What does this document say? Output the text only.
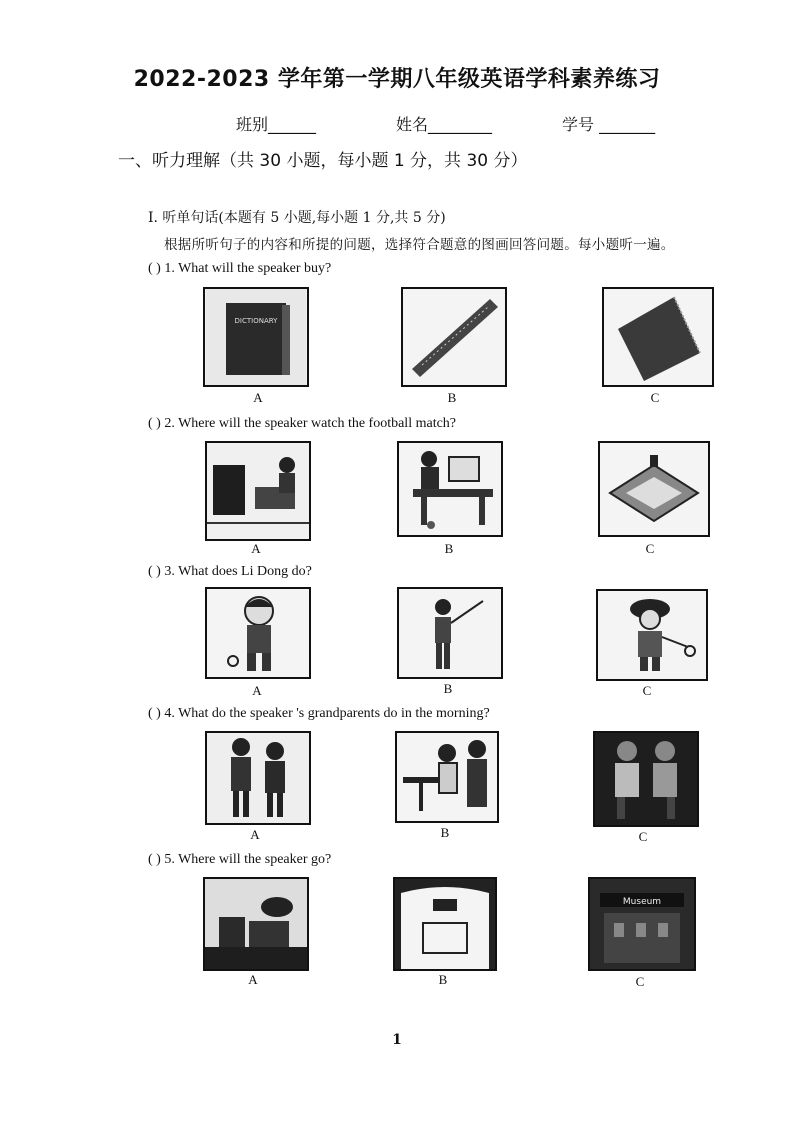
2022-2023 学年第一学期八年级英语学科素养练习
班别______	姓名________	学号 _______
一、听力理解（共 30 小题，每小题 1 分，共 30 分）
I. 听单句话(本题有 5 小题,每小题 1 分,共 5 分)
根据所听句子的内容和所提的问题，选择符合题意的图画回答问题。每小题听一遍。
( ) 1. What will the speaker buy?
DICTIONARY
A	B	C
( ) 2. Where will the speaker watch the football match?
A	B	C
( ) 3. What does Li Dong do?
A	B	C
( ) 4. What do the speaker 's grandparents do in the morning?
A	B	C
( ) 5. Where will the speaker go?
Museum
A	B	C
1
